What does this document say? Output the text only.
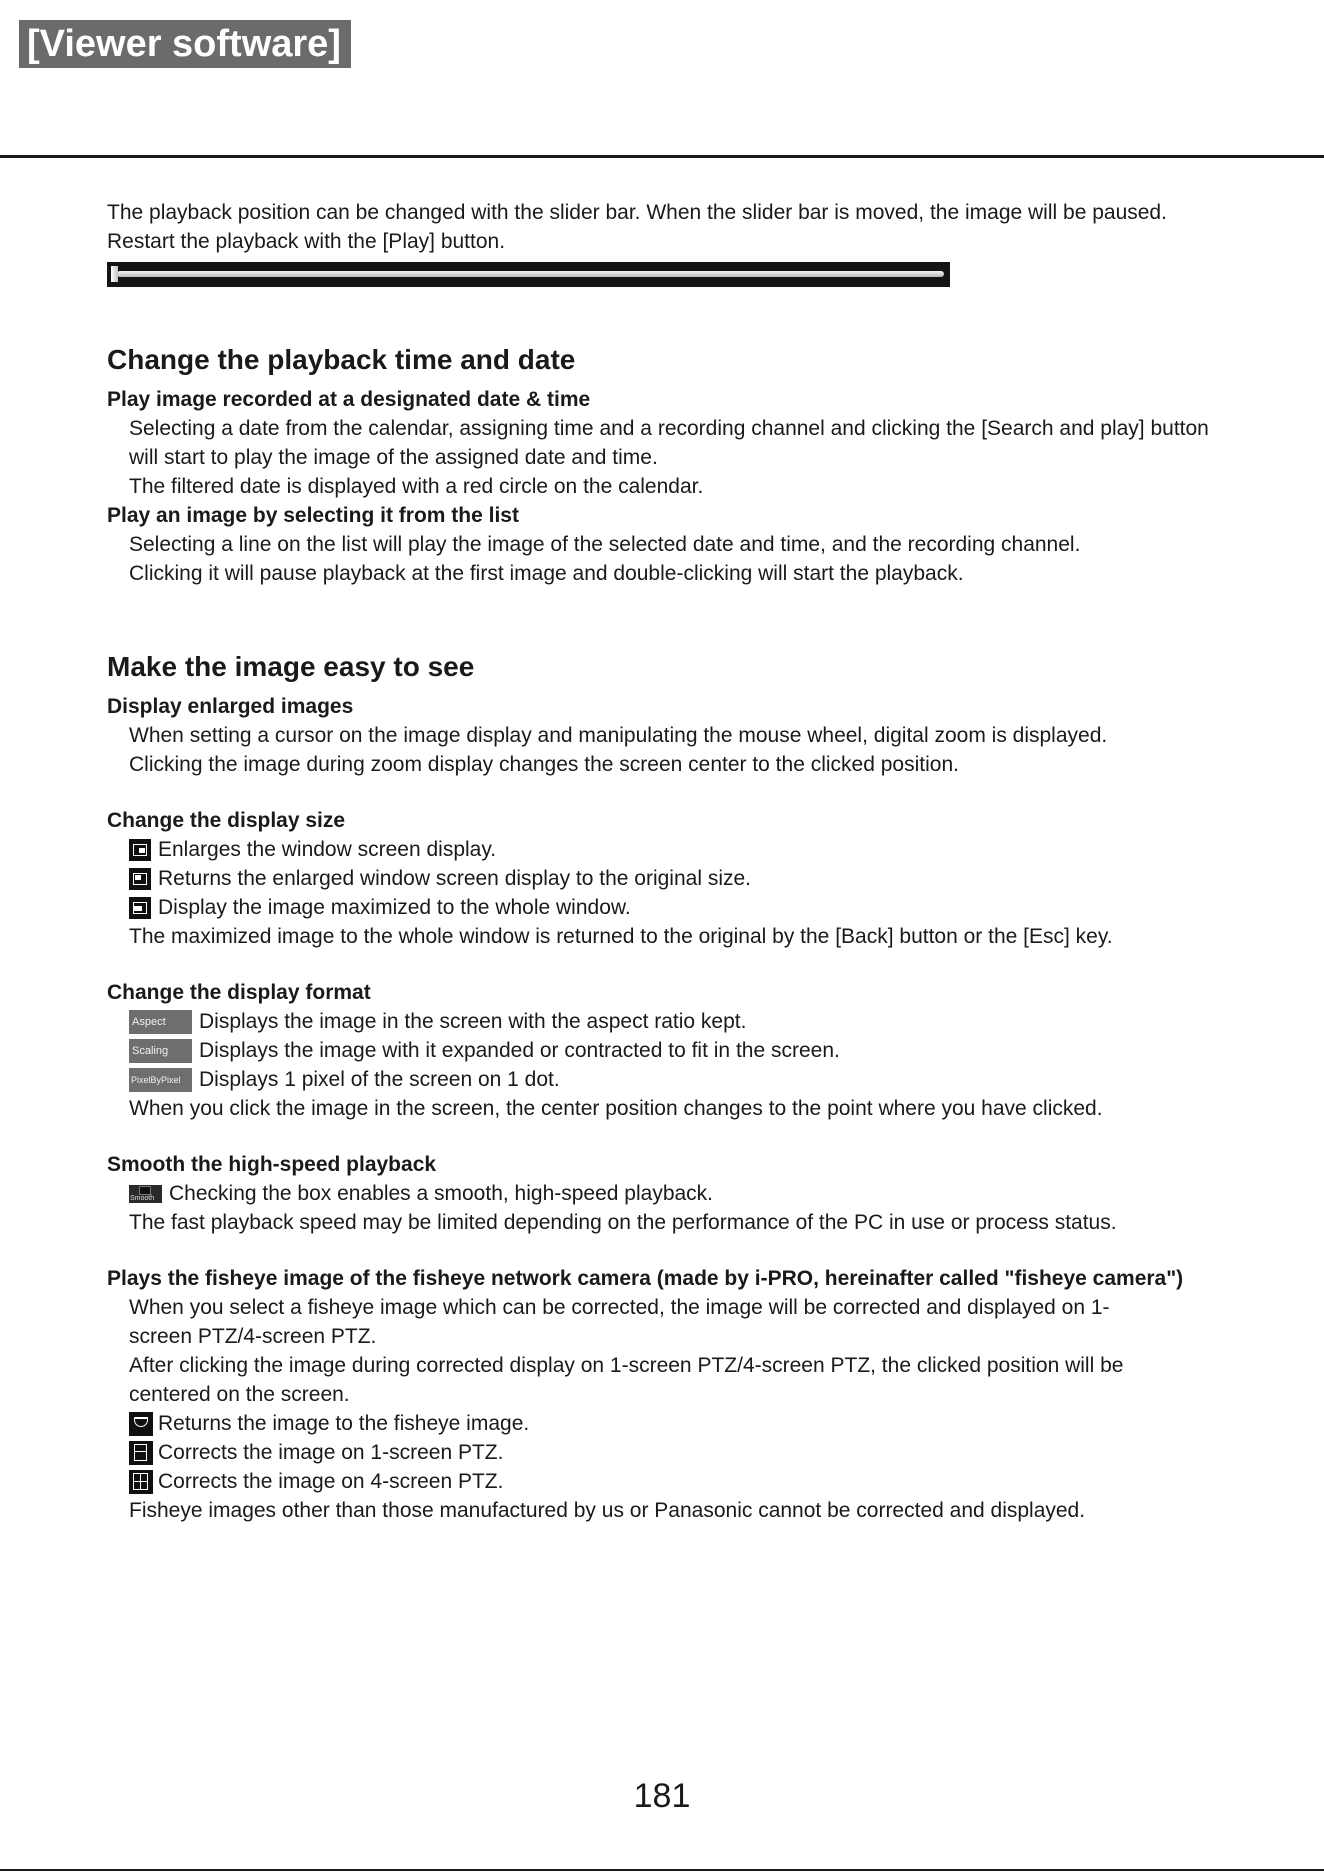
[Viewer software]
The playback position can be changed with the slider bar. When the slider bar is moved, the image will be paused. Restart the playback with the [Play] button.
Change the playback time and date
Play image recorded at a designated date & time
Selecting a date from the calendar, assigning time and a recording channel and clicking the [Search and play] button will start to play the image of the assigned date and time.
The filtered date is displayed with a red circle on the calendar.
Play an image by selecting it from the list
Selecting a line on the list will play the image of the selected date and time, and the recording channel.
Clicking it will pause playback at the first image and double-clicking will start the playback.
Make the image easy to see
Display enlarged images
When setting a cursor on the image display and manipulating the mouse wheel, digital zoom is displayed.
Clicking the image during zoom display changes the screen center to the clicked position.
Change the display size
Enlarges the window screen display.
Returns the enlarged window screen display to the original size.
Display the image maximized to the whole window.
The maximized image to the whole window is returned to the original by the [Back] button or the [Esc] key.
Change the display format
Aspect	Displays the image in the screen with the aspect ratio kept.
Scaling	Displays the image with it expanded or contracted to fit in the screen.
PixelByPixel Displays 1 pixel of the screen on 1 dot.
When you click the image in the screen, the center position changes to the point where you have clicked.
Smooth the high-speed playback
Smooth Checking the box enables a smooth, high-speed playback.
The fast playback speed may be limited depending on the performance of the PC in use or process status.
Plays the fisheye image of the fisheye network camera (made by i-PRO, hereinafter called "fisheye camera")
When you select a fisheye image which can be corrected, the image will be corrected and displayed on 1-screen PTZ/4-screen PTZ.
After clicking the image during corrected display on 1-screen PTZ/4-screen PTZ, the clicked position will be centered on the screen.
Returns the image to the fisheye image.
Corrects the image on 1-screen PTZ.
Corrects the image on 4-screen PTZ.
Fisheye images other than those manufactured by us or Panasonic cannot be corrected and displayed.
181
